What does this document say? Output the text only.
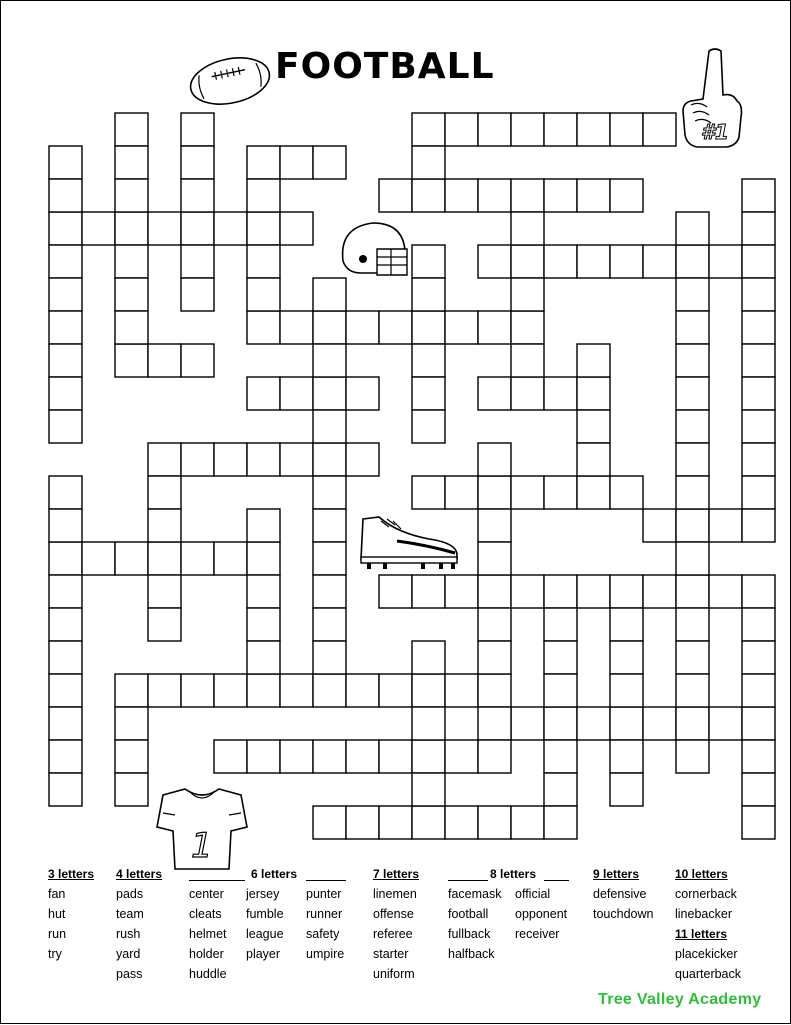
FOOTBALL
#1
1
3 letters
fan
hut
run
try
4 letters
pads
team
rush
yard
pass
6 letters
center
cleats
helmet
holder
huddle
jersey
fumble
league
player
punter
runner
safety
umpire
7 letters
linemen
offense
referee
starter
uniform
8 letters
facemask
football
fullback
halfback
official
opponent
receiver
9 letters
defensive
touchdown
10 letters
cornerback
linebacker
11 letters
placekicker
quarterback
Tree Valley Academy
